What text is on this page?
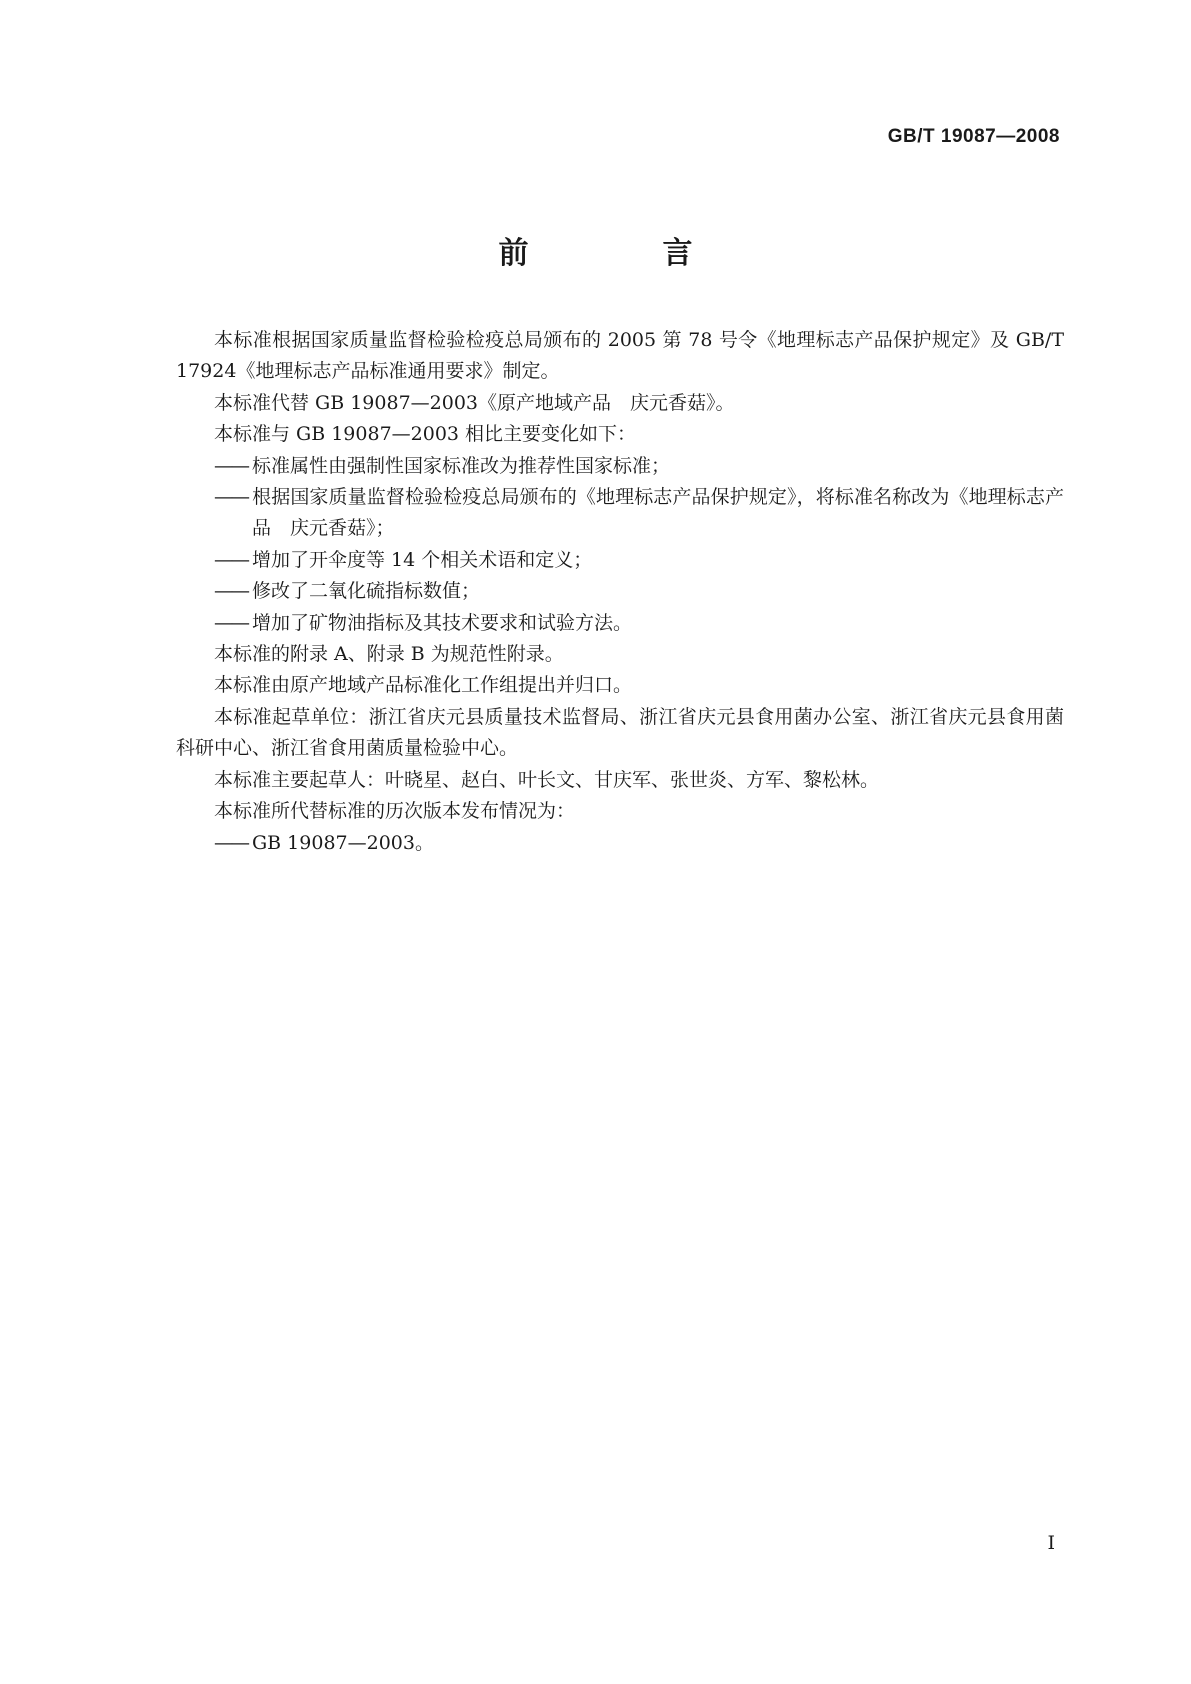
GB/T 19087—2008
前　言

本标准根据国家质量监督检验检疫总局颁布的 2005 第 78 号令《地理标志产品保护规定》及 GB/T 17924《地理标志产品标准通用要求》制定。

本标准代替 GB 19087—2003《原产地域产品　庆元香菇》。

本标准与 GB 19087—2003 相比主要变化如下：

—— 标准属性由强制性国家标准改为推荐性国家标准；

—— 根据国家质量监督检验检疫总局颁布的《地理标志产品保护规定》，将标准名称改为《地理标志产品　庆元香菇》；

—— 增加了开伞度等 14 个相关术语和定义；

—— 修改了二氧化硫指标数值；

—— 增加了矿物油指标及其技术要求和试验方法。

本标准的附录 A、附录 B 为规范性附录。

本标准由原产地域产品标准化工作组提出并归口。

本标准起草单位：浙江省庆元县质量技术监督局、浙江省庆元县食用菌办公室、浙江省庆元县食用菌科研中心、浙江省食用菌质量检验中心。

本标准主要起草人：叶晓星、赵白、叶长文、甘庆军、张世炎、方军、黎松林。

本标准所代替标准的历次版本发布情况为：

—— GB 19087—2003。

I
